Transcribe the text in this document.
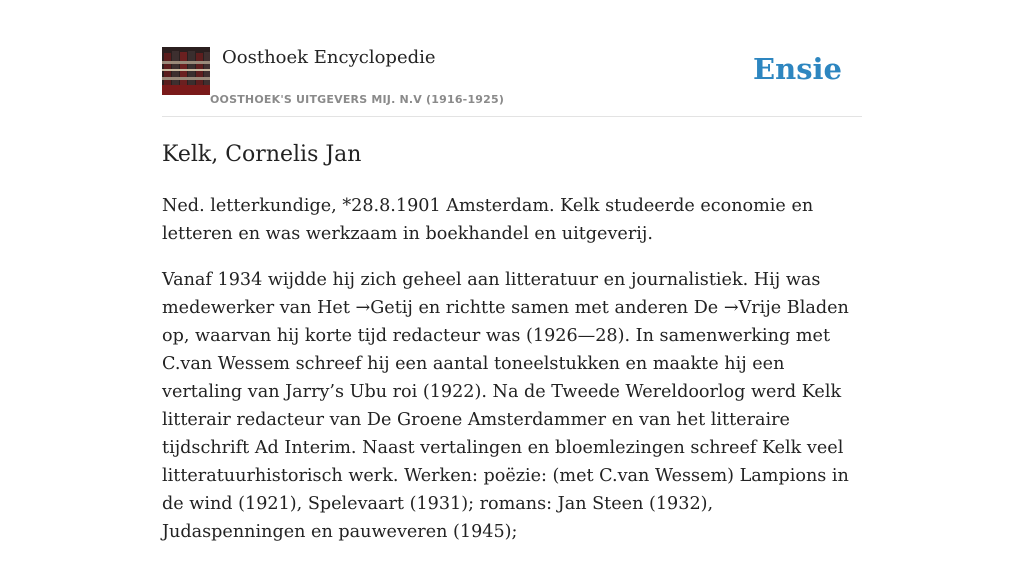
Oosthoek Encyclopedie
OOSTHOEK'S UITGEVERS MIJ. N.V (1916-1925)
Ensie
Kelk, Cornelis Jan

Ned. letterkundige, *28.8.1901 Amsterdam. Kelk studeerde economie en letteren en was werkzaam in boekhandel en uitgeverij.

Vanaf 1934 wijdde hij zich geheel aan litteratuur en journalistiek. Hij was medewerker van Het →Getij en richtte samen met anderen De →Vrije Bladen op, waarvan hij korte tijd redacteur was (1926—28). In samenwerking met C.van Wessem schreef hij een aantal toneelstukken en maakte hij een vertaling van Jarry’s Ubu roi (1922). Na de Tweede Wereldoorlog werd Kelk litterair redacteur van De Groene Amsterdammer en van het litteraire tijdschrift Ad Interim. Naast vertalingen en bloemlezingen schreef Kelk veel litteratuurhistorisch werk. Werken: poëzie: (met C.van Wessem) Lampions in de wind (1921), Spelevaart (1931); romans: Jan Steen (1932), Judaspenningen en pauweveren (1945);
